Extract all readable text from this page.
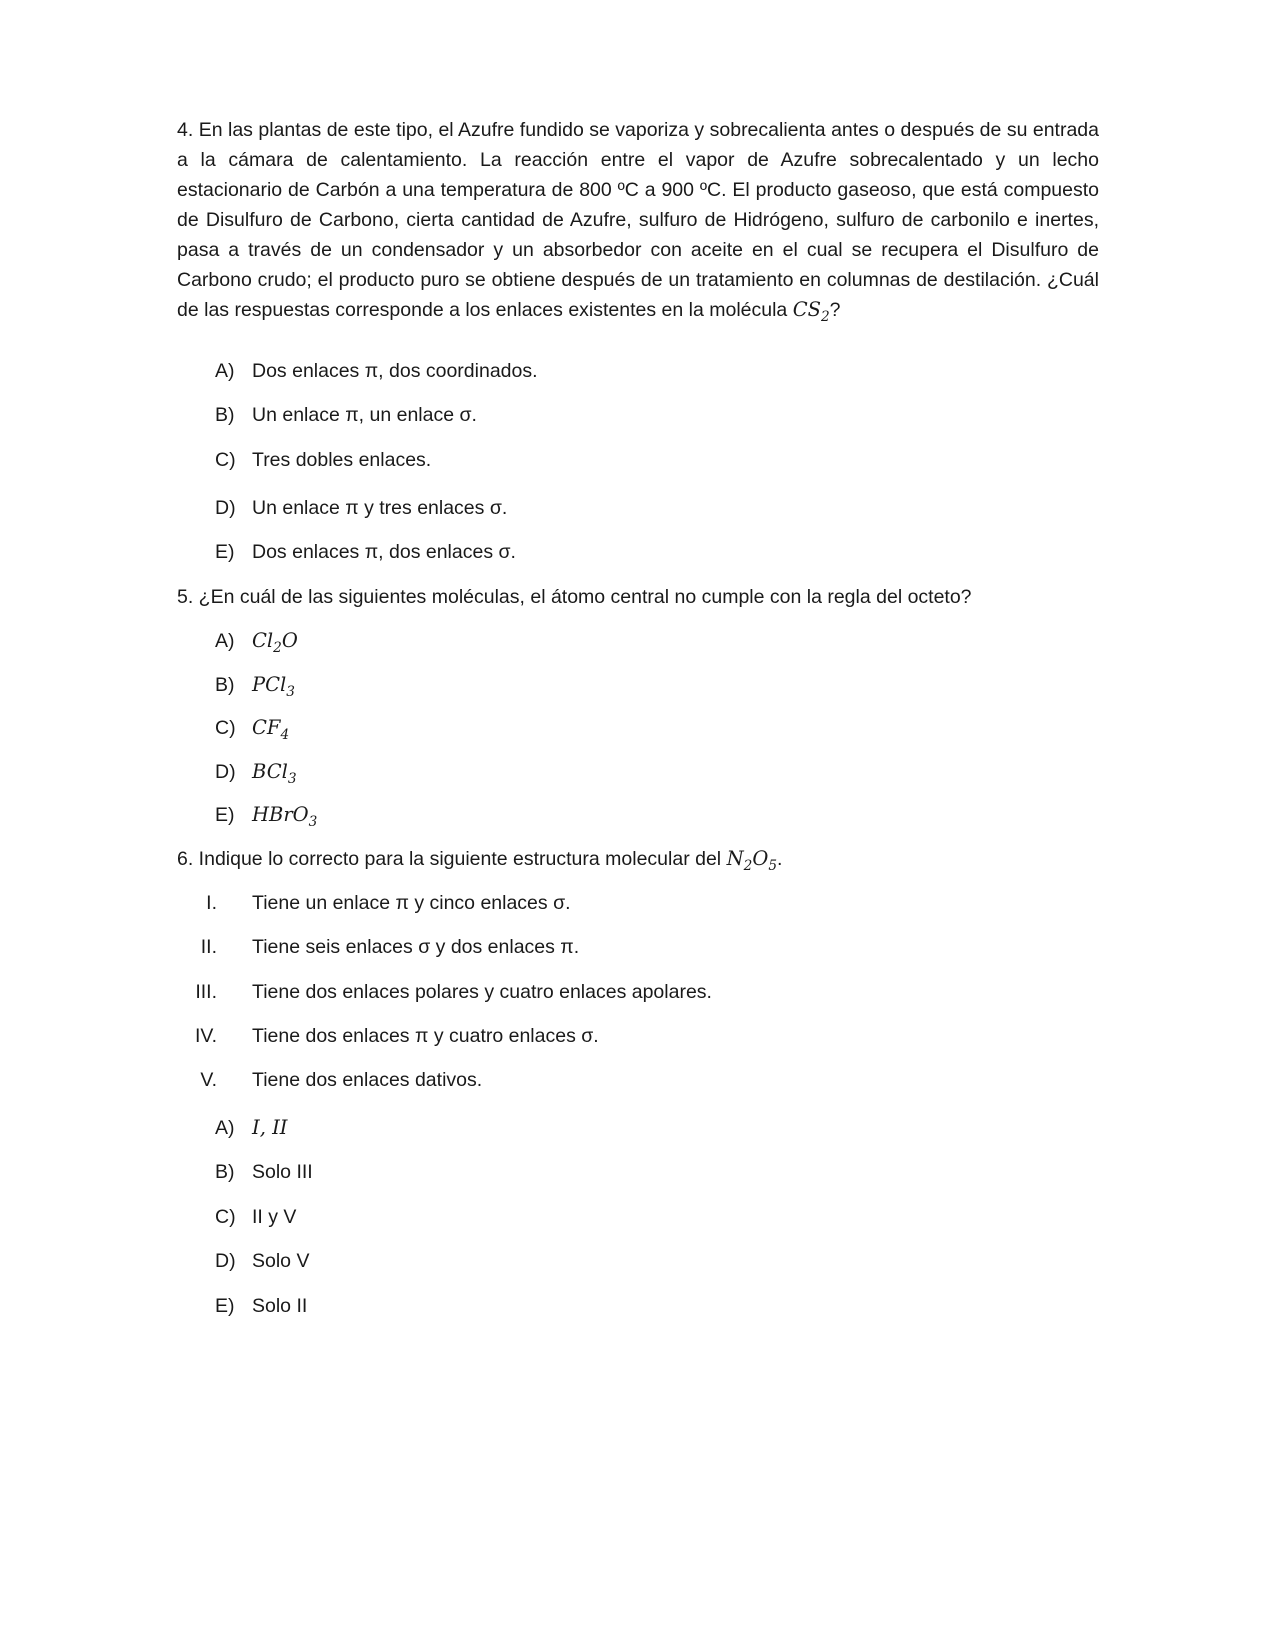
4. En las plantas de este tipo, el Azufre fundido se vaporiza y sobrecalienta antes o después de su entrada a la cámara de calentamiento. La reacción entre el vapor de Azufre sobrecalentado y un lecho estacionario de Carbón a una temperatura de 800 ºC a 900 ºC. El producto gaseoso, que está compuesto de Disulfuro de Carbono, cierta cantidad de Azufre, sulfuro de Hidrógeno, sulfuro de carbonilo e inertes, pasa a través de un condensador y un absorbedor con aceite en el cual se recupera el Disulfuro de Carbono crudo; el producto puro se obtiene después de un tratamiento en columnas de destilación. ¿Cuál de las respuestas corresponde a los enlaces existentes en la molécula $CS_2$?

A) Dos enlaces π, dos coordinados.
B) Un enlace π, un enlace σ.
C) Tres dobles enlaces.
D) Un enlace π y tres enlaces σ.
E) Dos enlaces π, dos enlaces σ.
5. ¿En cuál de las siguientes moléculas, el átomo central no cumple con la regla del octeto?
A) $Cl_2O$
B) PCl$_3$
C) $CF_4$
D) BCl$_3$
E) HBrO$_3$
6. Indique lo correcto para la siguiente estructura molecular del $N_2O_5$.
I. Tiene un enlace π y cinco enlaces σ.
II. Tiene seis enlaces σ y dos enlaces π.
III. Tiene dos enlaces polares y cuatro enlaces apolares.
IV. Tiene dos enlaces π y cuatro enlaces σ.
V. Tiene dos enlaces dativos.
A) I, II
B) Solo III
C) II y V
D) Solo V
E) Solo II
